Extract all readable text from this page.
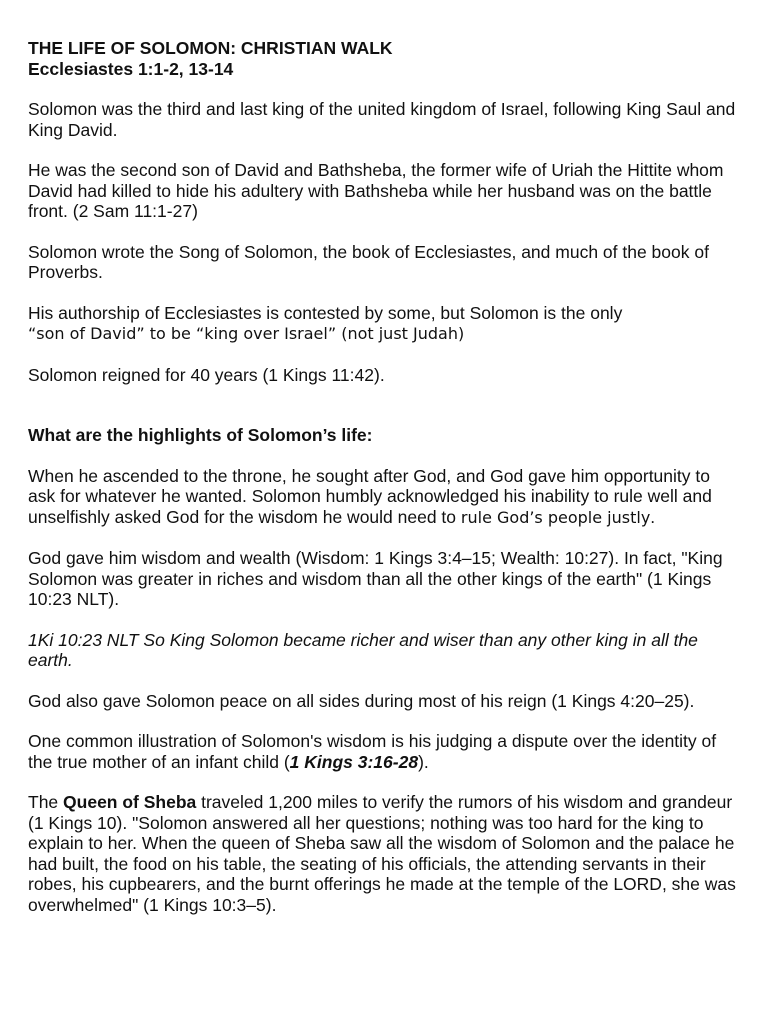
THE LIFE OF SOLOMON: CHRISTIAN WALK

Ecclesiastes 1:1-2, 13-14

Solomon was the third and last king of the united kingdom of Israel, following King Saul and King David.

He was the second son of David and Bathsheba, the former wife of Uriah the Hittite whom David had killed to hide his adultery with Bathsheba while her husband was on the battle front. (2 Sam 11:1-27)

Solomon wrote the Song of Solomon, the book of Ecclesiastes, and much of the book of Proverbs.

His authorship of Ecclesiastes is contested by some, but Solomon is the only
“son of David” to be “king over Israel” (not just Judah)

Solomon reigned for 40 years (1 Kings 11:42).

What are the highlights of Solomon’s life:

When he ascended to the throne, he sought after God, and God gave him opportunity to ask for whatever he wanted. Solomon humbly acknowledged his inability to rule well and unselfishly asked God for the wisdom he would need to rule God’s people justly.

God gave him wisdom and wealth (Wisdom: 1 Kings 3:4–15; Wealth: 10:27). In fact, "King Solomon was greater in riches and wisdom than all the other kings of the earth" (1 Kings 10:23 NLT).

1Ki 10:23 NLT So King Solomon became richer and wiser than any other king in all the earth.

God also gave Solomon peace on all sides during most of his reign (1 Kings 4:20–25).

One common illustration of Solomon's wisdom is his judging a dispute over the identity of the true mother of an infant child (1 Kings 3:16-28).

The Queen of Sheba traveled 1,200 miles to verify the rumors of his wisdom and grandeur (1 Kings 10). "Solomon answered all her questions; nothing was too hard for the king to explain to her. When the queen of Sheba saw all the wisdom of Solomon and the palace he had built, the food on his table, the seating of his officials, the attending servants in their robes, his cupbearers, and the burnt offerings he made at the temple of the LORD, she was overwhelmed" (1 Kings 10:3–5).
